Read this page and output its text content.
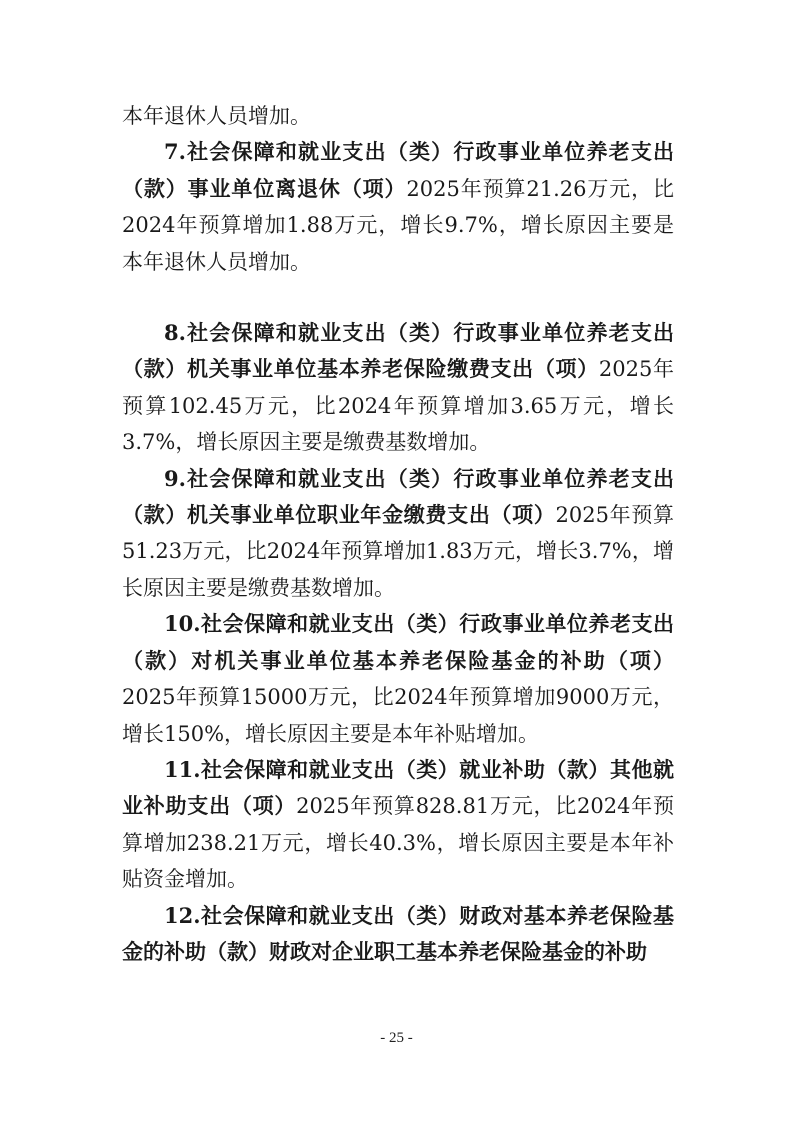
本年退休人员增加。

7.社会保障和就业支出（类）行政事业单位养老支出（款）事业单位离退休（项）2025年预算21.26万元，比2024年预算增加1.88万元，增长9.7%，增长原因主要是本年退休人员增加。

8.社会保障和就业支出（类）行政事业单位养老支出（款）机关事业单位基本养老保险缴费支出（项）2025年预算102.45万元，比2024年预算增加3.65万元，增长3.7%，增长原因主要是缴费基数增加。

9.社会保障和就业支出（类）行政事业单位养老支出（款）机关事业单位职业年金缴费支出（项）2025年预算51.23万元，比2024年预算增加1.83万元，增长3.7%，增长原因主要是缴费基数增加。

10.社会保障和就业支出（类）行政事业单位养老支出（款）对机关事业单位基本养老保险基金的补助（项）2025年预算15000万元，比2024年预算增加9000万元，增长150%，增长原因主要是本年补贴增加。

11.社会保障和就业支出（类）就业补助（款）其他就业补助支出（项）2025年预算828.81万元，比2024年预算增加238.21万元，增长40.3%，增长原因主要是本年补贴资金增加。

12.社会保障和就业支出（类）财政对基本养老保险基金的补助（款）财政对企业职工基本养老保险基金的补助

- 25 -
